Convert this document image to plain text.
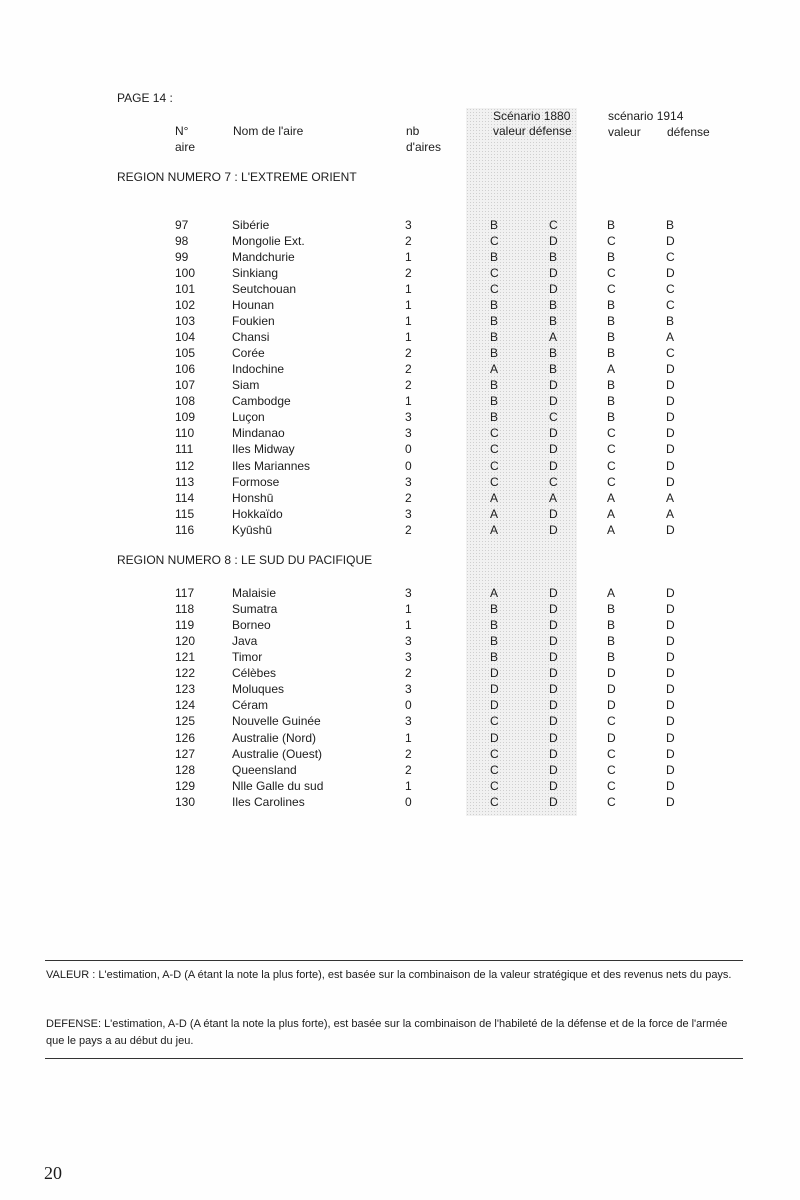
PAGE 14 :
Scénario 1880	scénario 1914
N°	Nom de l'aire	nb	valeur défense	valeur défense
aire	d'aires
REGION NUMERO 7 : L'EXTREME ORIENT
97	Sibérie	3	B	C	B	B
98	Mongolie Ext.	2	C	D	C	D
99	Mandchurie	1	B	B	B	C
100	Sinkiang	2	C	D	C	D
101	Seutchouan	1	C	D	C	C
102	Hounan	1	B	B	B	C
103	Foukien	1	B	B	B	B
104	Chansi	1	B	A	B	A
105	Corée	2	B	B	B	C
106	Indochine	2	A	B	A	D
107	Siam	2	B	D	B	D
108	Cambodge	1	B	D	B	D
109	Luçon	3	B	C	B	D
110	Mindanao	3	C	D	C	D
111	Iles Midway	0	C	D	C	D
112	Iles Mariannes	0	C	D	C	D
113	Formose	3	C	C	C	D
114	Honshū	2	A	A	A	A
115	Hokkaïdo	3	A	D	A	A
116	Kyūshū	2	A	D	A	D
REGION NUMERO 8 : LE SUD DU PACIFIQUE
117	Malaisie	3	A	D	A	D
118	Sumatra	1	B	D	B	D
119	Borneo	1	B	D	B	D
120	Java	3	B	D	B	D
121	Timor	3	B	D	B	D
122	Célèbes	2	D	D	D	D
123	Moluques	3	D	D	D	D
124	Céram	0	D	D	D	D
125	Nouvelle Guinée	3	C	D	C	D
126	Australie (Nord)	1	D	D	D	D
127	Australie (Ouest)	2	C	D	C	D
128	Queensland	2	C	D	C	D
129	Nlle Galle du sud	1	C	D	C	D
130	Iles Carolines	0	C	D	C	D
VALEUR : L'estimation, A-D (A étant la note la plus forte), est basée sur la combinaison de la valeur stratégique et des revenus nets du pays.
DEFENSE: L'estimation, A-D (A étant la note la plus forte), est basée sur la combinaison de l'habileté de la défense et de la force de l'armée que le pays a au début du jeu.
20
